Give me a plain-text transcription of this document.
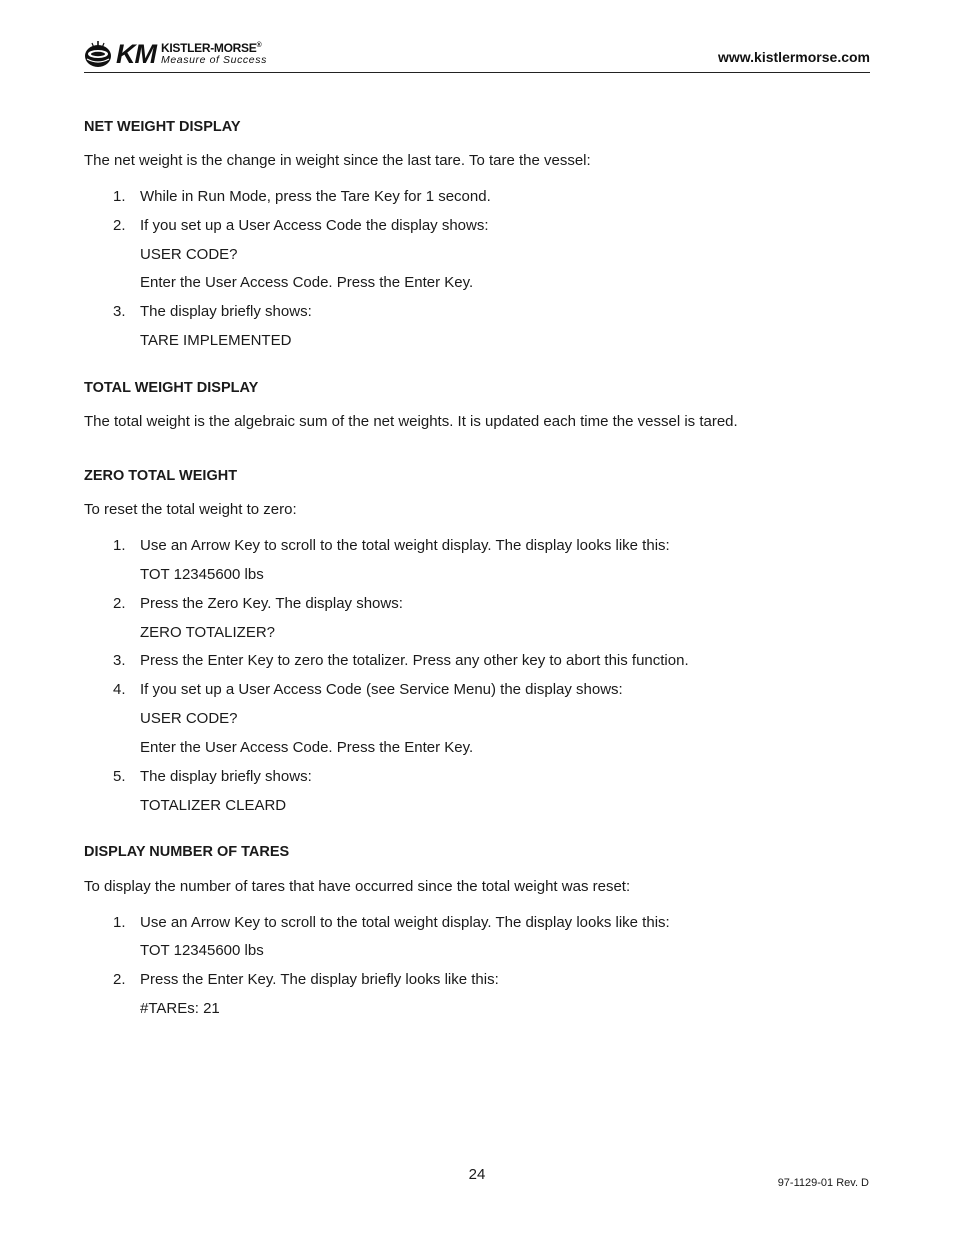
KM KISTLER-MORSE®
Measure of Success	www.kistlermorse.com
NET WEIGHT DISPLAY
The net weight is the change in weight since the last tare. To tare the vessel:
1. While in Run Mode, press the Tare Key for 1 second.
2. If you set up a User Access Code the display shows:
USER CODE?
Enter the User Access Code. Press the Enter Key.
3. The display briefly shows:
TARE IMPLEMENTED
TOTAL WEIGHT DISPLAY
The total weight is the algebraic sum of the net weights. It is updated each time the vessel is tared.
ZERO TOTAL WEIGHT
To reset the total weight to zero:
1. Use an Arrow Key to scroll to the total weight display. The display looks like this:
TOT 12345600 lbs
2. Press the Zero Key. The display shows:
ZERO TOTALIZER?
3. Press the Enter Key to zero the totalizer. Press any other key to abort this function.
4. If you set up a User Access Code (see Service Menu) the display shows:
USER CODE?
Enter the User Access Code. Press the Enter Key.
5. The display briefly shows:
TOTALIZER CLEARD
DISPLAY NUMBER OF TARES
To display the number of tares that have occurred since the total weight was reset:
1. Use an Arrow Key to scroll to the total weight display. The display looks like this:
TOT 12345600 lbs
2. Press the Enter Key. The display briefly looks like this:
#TAREs: 21
24	97-1129-01 Rev. D
